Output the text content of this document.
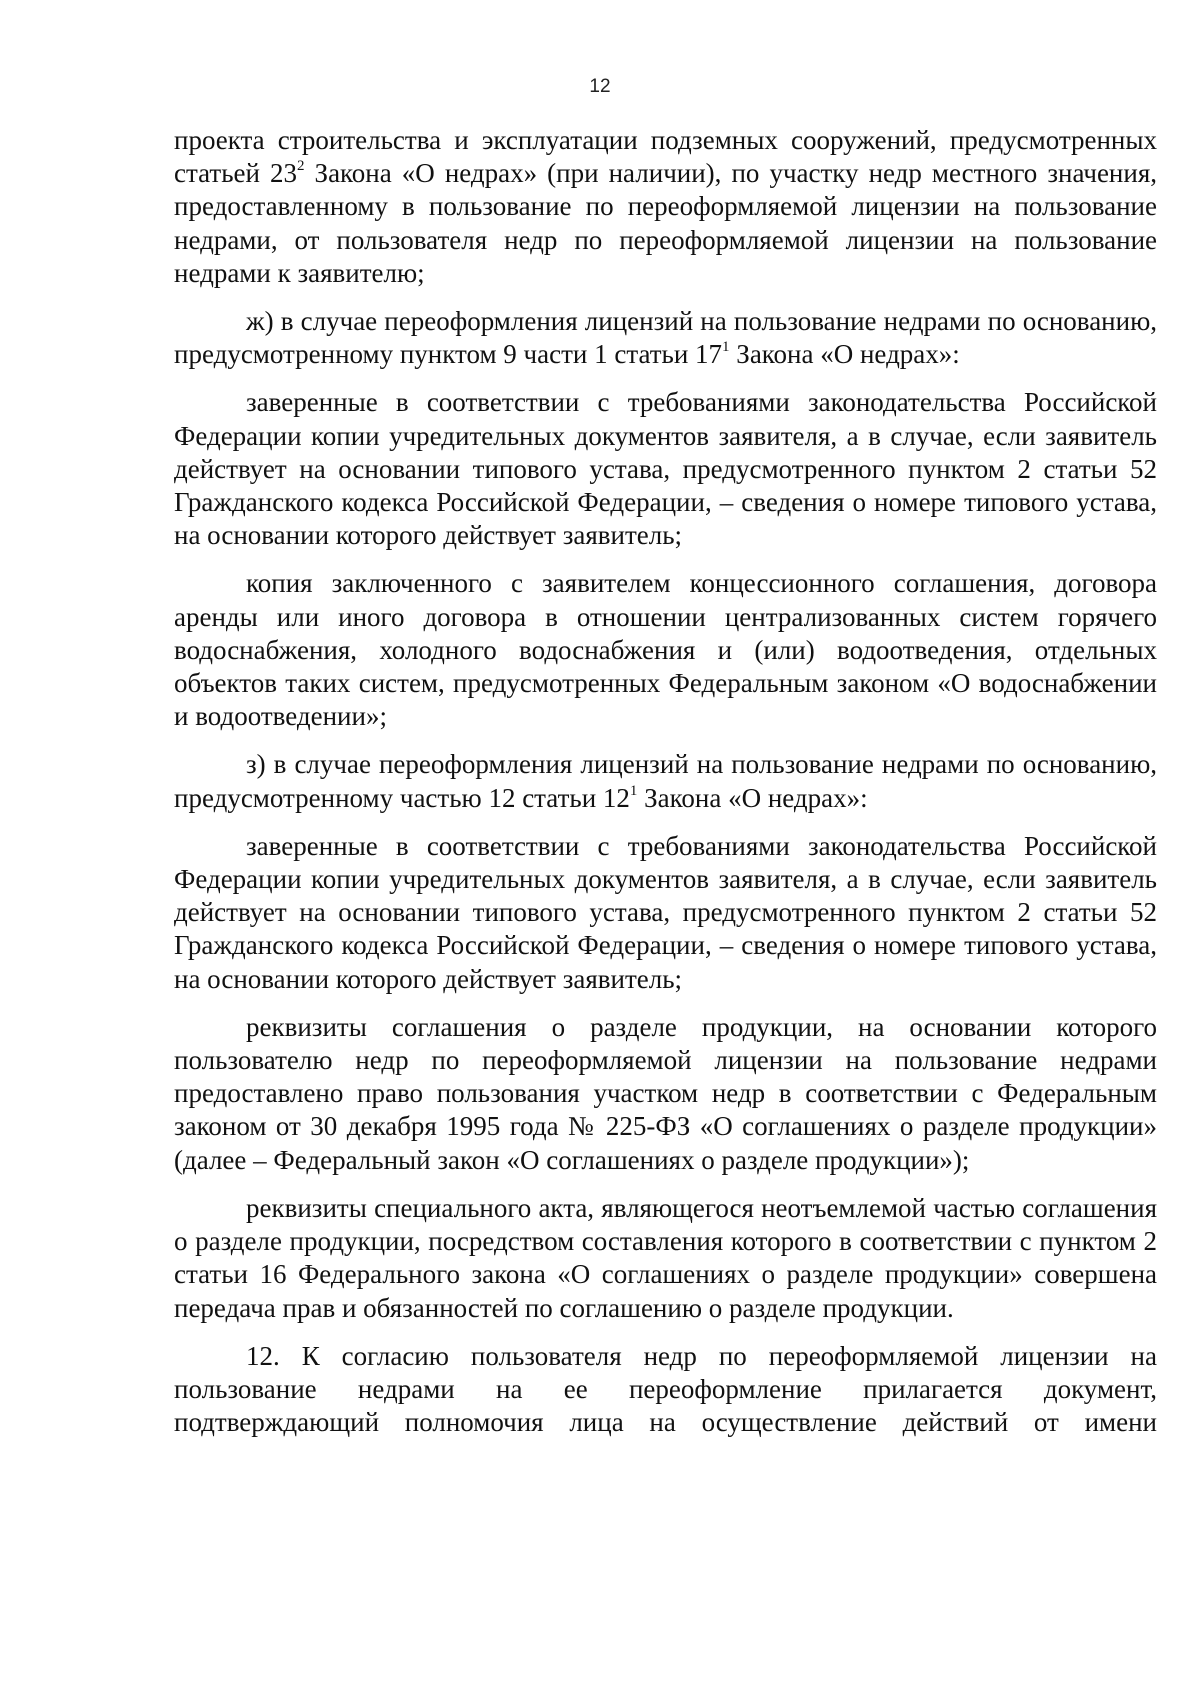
12

проекта строительства и эксплуатации подземных сооружений, предусмотренных статьей $23^2$ Закона «О недрах» (при наличии), по участку недр местного значения, предоставленному в пользование по переоформляемой лицензии на пользование недрами, от пользователя недр по переоформляемой лицензии на пользование недрами к заявителю;

ж) в случае переоформления лицензий на пользование недрами по основанию, предусмотренному пунктом 9 части 1 статьи $17^1$ Закона «О недрах»:

заверенные в соответствии с требованиями законодательства Российской Федерации копии учредительных документов заявителя, а в случае, если заявитель действует на основании типового устава, предусмотренного пунктом 2 статьи 52 Гражданского кодекса Российской Федерации, – сведения о номере типового устава, на основании которого действует заявитель;

копия заключенного с заявителем концессионного соглашения, договора аренды или иного договора в отношении централизованных систем горячего водоснабжения, холодного водоснабжения и (или) водоотведения, отдельных объектов таких систем, предусмотренных Федеральным законом «О водоснабжении и водоотведении»;

з) в случае переоформления лицензий на пользование недрами по основанию, предусмотренному частью 12 статьи $12^1$ Закона «О недрах»:

заверенные в соответствии с требованиями законодательства Российской Федерации копии учредительных документов заявителя, а в случае, если заявитель действует на основании типового устава, предусмотренного пунктом 2 статьи 52 Гражданского кодекса Российской Федерации, – сведения о номере типового устава, на основании которого действует заявитель;

реквизиты соглашения о разделе продукции, на основании которого пользователю недр по переоформляемой лицензии на пользование недрами предоставлено право пользования участком недр в соответствии с Федеральным законом от 30 декабря 1995 года № 225-ФЗ «О соглашениях о разделе продукции» (далее – Федеральный закон «О соглашениях о разделе продукции»);

реквизиты специального акта, являющегося неотъемлемой частью соглашения о разделе продукции, посредством составления которого в соответствии с пунктом 2 статьи 16 Федерального закона «О соглашениях о разделе продукции» совершена передача прав и обязанностей по соглашению о разделе продукции.

12. К согласию пользователя недр по переоформляемой лицензии на пользование недрами на ее переоформление прилагается документ, подтверждающий полномочия лица на осуществление действий от имени
